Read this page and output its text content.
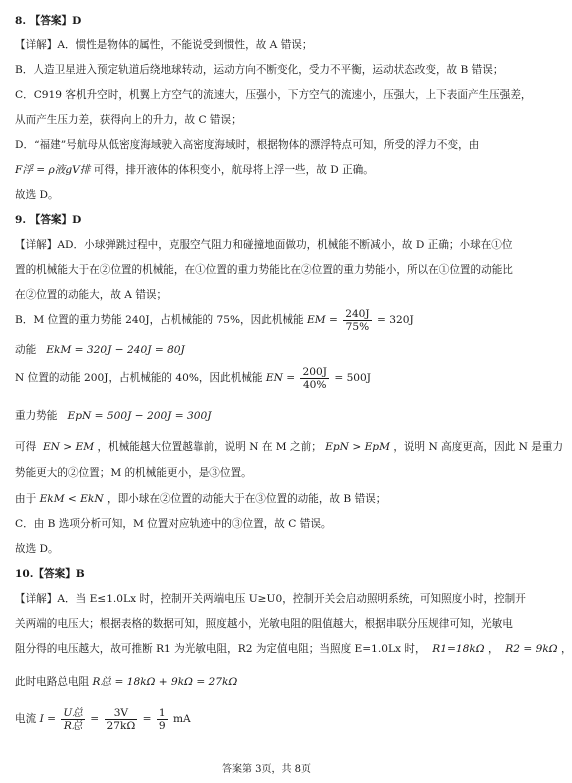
8. 【答案】D
【详解】A．惯性是物体的属性，不能说受到惯性，故 A 错误；
B．人造卫星进入预定轨道后绕地球转动，运动方向不断变化，受力不平衡，运动状态改变，故 B 错误；
C．C919 客机升空时，机翼上方空气的流速大，压强小，下方空气的流速小，压强大，上下表面产生压强差，
从而产生压力差，获得向上的升力，故 C 错误；
D．“福建”号航母从低密度海域驶入高密度海域时，根据物体的漂浮特点可知，所受的浮力不变，由
F浮 = ρ液gV排 可得，排开液体的体积变小，航母将上浮一些，故 D 正确。
故选 D。
9. 【答案】D
【详解】AD．小球弹跳过程中，克服空气阻力和碰撞地面做功，机械能不断减小，故 D 正确；小球在①位
置的机械能大于在②位置的机械能，在①位置的重力势能比在②位置的重力势能小，所以在①位置的动能比
在②位置的动能大，故 A 错误；
B．M 位置的重力势能 240J，占机械能的 75%，因此机械能 EM = $\frac{240J}{75\%} = 320J$
动能 EkM = 320J − 240J = 80J
N 位置的动能 200J，占机械能的 40%，因此机械能 EN = $\frac{200J}{40\%} = 500J$
重力势能 EpN = 500J − 200J = 300J
可得 EN > EM ，机械能越大位置越靠前，说明 N 在 M 之前； EpN > EpM ，说明 N 高度更高，因此 N 是重力
势能更大的②位置；M 的机械能更小，是③位置。
由于 EkM < EkN ，即小球在②位置的动能大于在③位置的动能，故 B 错误；
C．由 B 选项分析可知，M 位置对应轨迹中的③位置，故 C 错误。
故选 D。
10.【答案】B
【详解】A．当 E≤1.0Lx 时，控制开关两端电压 U≥U0，控制开关会启动照明系统，可知照度小时，控制开
关两端的电压大；根据表格的数据可知，照度越小，光敏电阻的阻值越大，根据串联分压规律可知，光敏电
阻分得的电压越大，故可推断 R1 为光敏电阻，R2 为定值电阻；当照度 E=1.0Lx 时， R1=18kΩ ， R2 = 9kΩ ，
此时电路总电阻 R总 = 18kΩ + 9kΩ = 27kΩ
电流 $I = \frac{\text{U总}}{\text{R总}} = \frac{3V}{27k\Omega} = \frac{1}{9}$ mA
答案第 3页，共 8页
